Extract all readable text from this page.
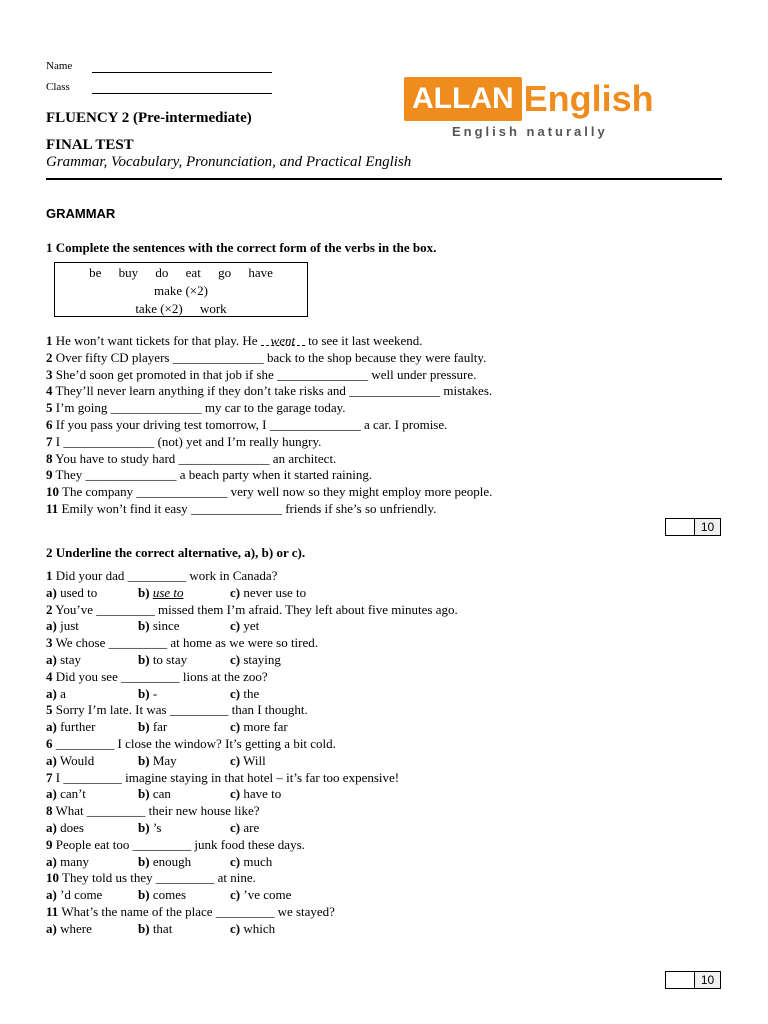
Name
Class
FLUENCY 2 (Pre-intermediate)
FINAL TEST
Grammar, Vocabulary, Pronunciation, and Practical English
ALLAN English
English naturally
GRAMMAR
1 Complete the sentences with the correct form of the verbs in the box.
be buy do eat go have
make (×2)
take (×2) work
1 He won’t want tickets for that play. He went to see it last weekend.
2 Over fifty CD players ______________ back to the shop because they were faulty.
3 She’d soon get promoted in that job if she ______________ well under pressure.
4 They’ll never learn anything if they don’t take risks and ______________ mistakes.
5 I’m going ______________ my car to the garage today.
6 If you pass your driving test tomorrow, I ______________ a car. I promise.
7 I ______________ (not) yet and I’m really hungry.
8 You have to study hard ______________ an architect.
9 They ______________ a beach party when it started raining.
10 The company ______________ very well now so they might employ more people.
11 Emily won’t find it easy ______________ friends if she’s so unfriendly.
10
2 Underline the correct alternative, a), b) or c).
1 Did your dad _________ work in Canada?
a) used to	b) use to	c) never use to
2 You’ve _________ missed them I’m afraid. They left about five minutes ago.
a) just	b) since	c) yet
3 We chose _________ at home as we were so tired.
a) stay	b) to stay	c) staying
4 Did you see _________ lions at the zoo?
a) a	b) -	c) the
5 Sorry I’m late. It was _________ than I thought.
a) further	b) far	c) more far
6 _________ I close the window? It’s getting a bit cold.
a) Would	b) May	c) Will
7 I _________ imagine staying in that hotel – it’s far too expensive!
a) can’t	b) can	c) have to
8 What _________ their new house like?
a) does	b) ’s	c) are
9 People eat too _________ junk food these days.
a) many	b) enough	c) much
10 They told us they _________ at nine.
a) ’d come	b) comes	c) ’ve come
11 What’s the name of the place _________ we stayed?
a) where	b) that	c) which
10
